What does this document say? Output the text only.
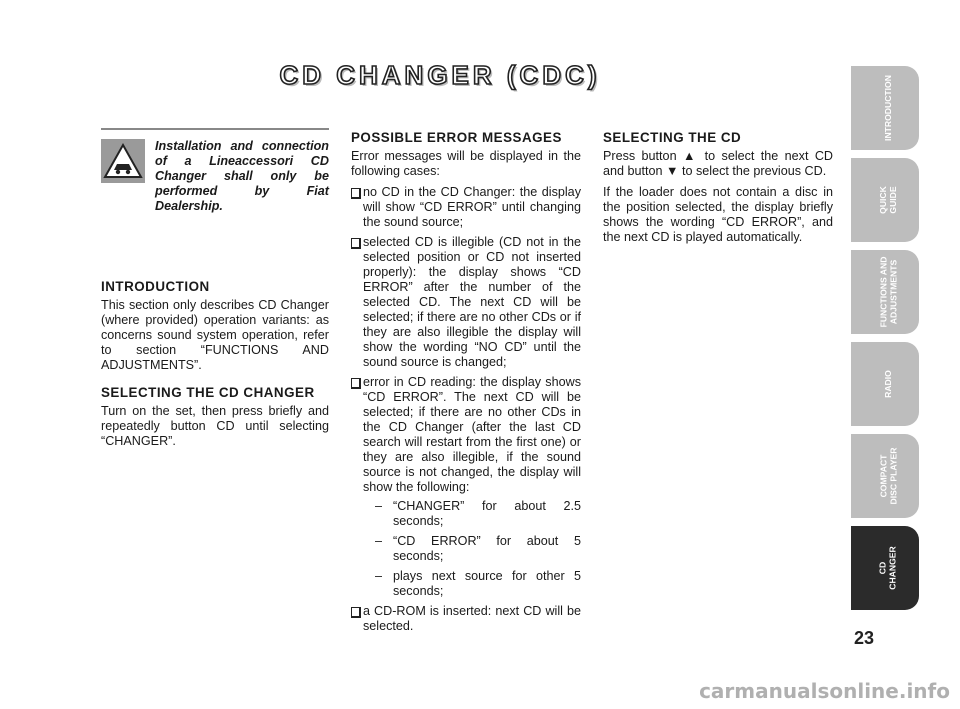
CD CHANGER (CDC)
Installation and connection of a Lineaccessori CD Changer shall only be performed by Fiat Dealership.
INTRODUCTION

This section only describes CD Changer (where provided) operation variants: as concerns sound system operation, refer to section “FUNCTIONS AND ADJUSTMENTS”.

SELECTING THE CD CHANGER

Turn on the set, then press briefly and repeatedly button CD until selecting “CHANGER”.

POSSIBLE ERROR MESSAGES

Error messages will be displayed in the following cases:

no CD in the CD Changer: the display will show “CD ERROR” until changing the sound source;
selected CD is illegible (CD not in the selected position or CD not inserted properly): the display shows “CD ERROR” after the number of the selected CD. The next CD will be selected; if there are no other CDs or if they are also illegible the display will show the wording “NO CD” until the sound source is changed;
error in CD reading: the display shows “CD ERROR”. The next CD will be selected; if there are no other CDs in the CD Changer (after the last CD search will restart from the first one) or they are also illegible, if the sound source is not changed, the display will show the following:
– “CHANGER” for about 2.5 seconds;
– “CD ERROR” for about 5 seconds;
– plays next source for other 5 seconds;
a CD-ROM is inserted: next CD will be selected.
SELECTING THE CD

Press button ▲ to select the next CD and button ▼ to select the previous CD.

If the loader does not contain a disc in the position selected, the display briefly shows the wording “CD ERROR”, and the next CD is played automatically.

INTRODUCTION
QUICK
GUIDE
FUNCTIONS AND
ADJUSTMENTS
RADIO
COMPACT
DISC PLAYER
CD
CHANGER
23
carmanualsonline.info
